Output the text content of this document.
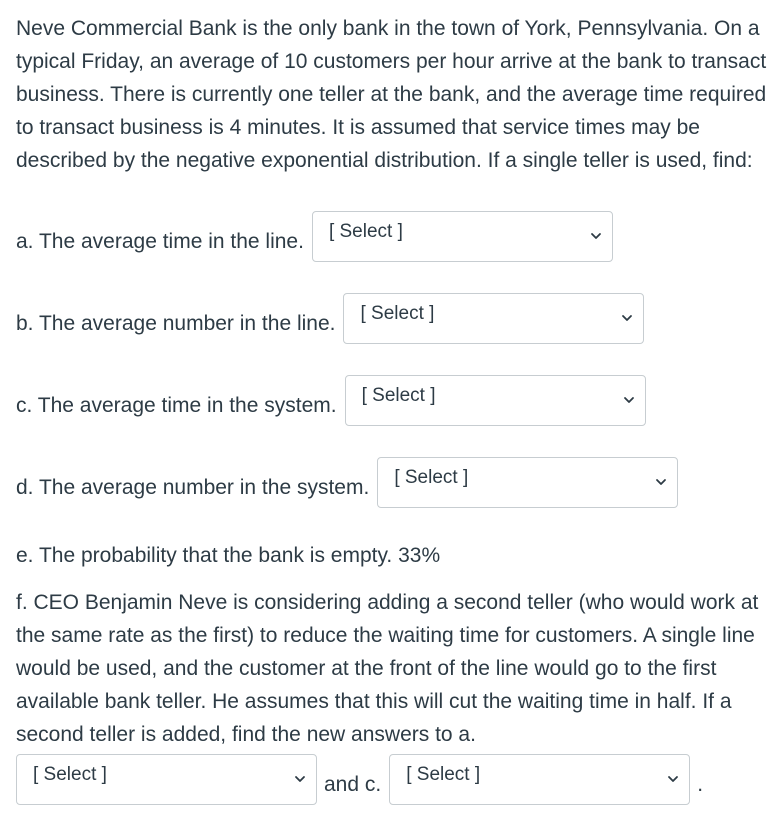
Neve Commercial Bank is the only bank in the town of York, Pennsylvania. On a typical Friday, an average of 10 customers per hour arrive at the bank to transact business. There is currently one teller at the bank, and the average time required to transact business is 4 minutes. It is assumed that service times may be described by the negative exponential distribution. If a single teller is used, find:

a. The average time in the line. [ Select ]
b. The average number in the line. [ Select ]
c. The average time in the system. [ Select ]
d. The average number in the system. [ Select ]

e. The probability that the bank is empty. 33%

f. CEO Benjamin Neve is considering adding a second teller (who would work at the same rate as the first) to reduce the waiting time for customers. A single line would be used, and the customer at the front of the line would go to the first available bank teller. He assumes that this will cut the waiting time in half. If a second teller is added, find the new answers to a.

[ Select ]	and c. [ Select ]	.
